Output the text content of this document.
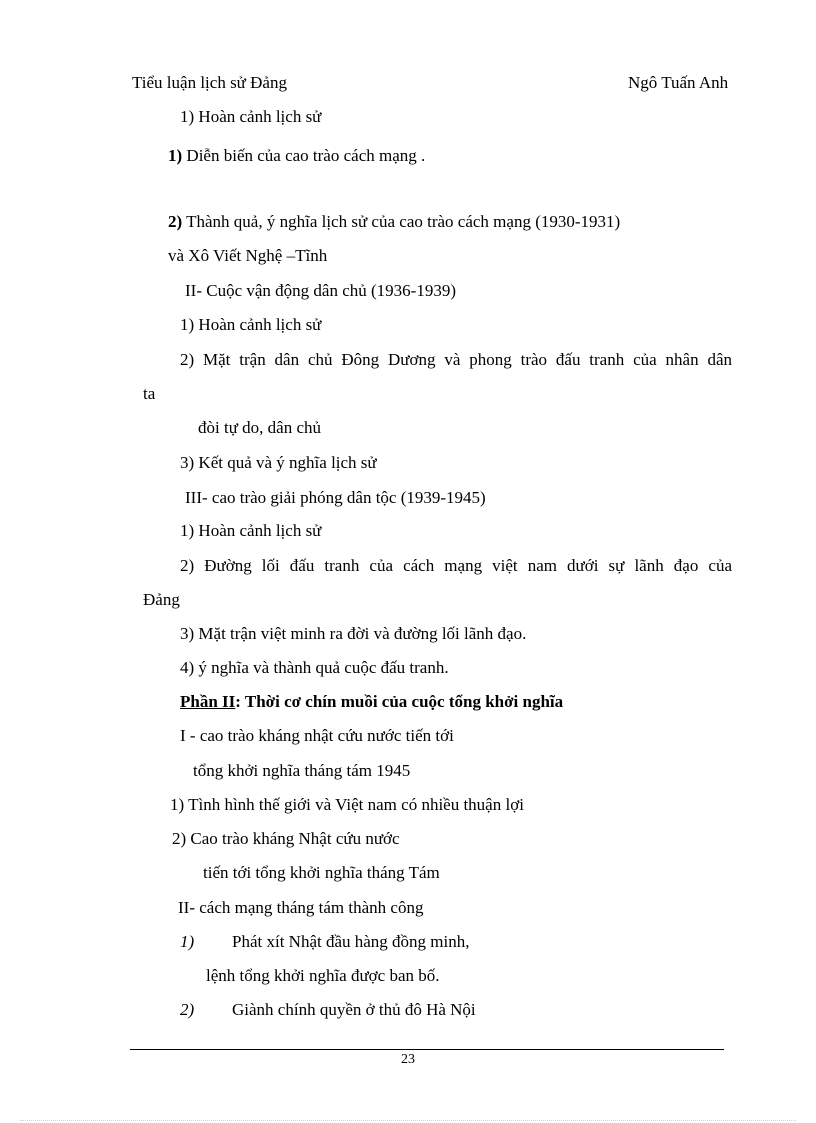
Tiểu luận lịch sử Đảng	Ngô Tuấn Anh

1) Hoàn cảnh lịch sử

1) Diễn biến của cao trào cách mạng .

2) Thành quả, ý nghĩa lịch sử của cao trào cách mạng (1930-1931)

và Xô Viết Nghệ –Tĩnh

II- Cuộc vận động dân chủ (1936-1939)

1) Hoàn cảnh lịch sử

2) Mặt trận dân chủ Đông Dương và phong trào đấu tranh của nhân dân

ta

đòi tự do, dân chủ

3) Kết quả và ý nghĩa lịch sử

III- cao trào giải phóng dân tộc (1939-1945)

1) Hoàn cảnh lịch sử

2) Đường lối đấu tranh của cách mạng việt nam dưới sự lãnh đạo của

Đảng

3) Mặt trận việt minh ra đời và đường lối lãnh đạo.

4) ý nghĩa và thành quả cuộc đấu tranh.

Phần II: Thời cơ chín muồi của cuộc tổng khởi nghĩa

I - cao trào kháng nhật cứu nước tiến tới

tổng khởi nghĩa tháng tám 1945

1) Tình hình thế giới và Việt nam có nhiều thuận lợi

2) Cao trào kháng Nhật cứu nước

tiến tới tổng khởi nghĩa tháng Tám

II- cách mạng tháng tám thành công

1) Phát xít Nhật đầu hàng đồng minh,

lệnh tổng khởi nghĩa được ban bố.

2) Giành chính quyền ở thủ đô Hà Nội

23
